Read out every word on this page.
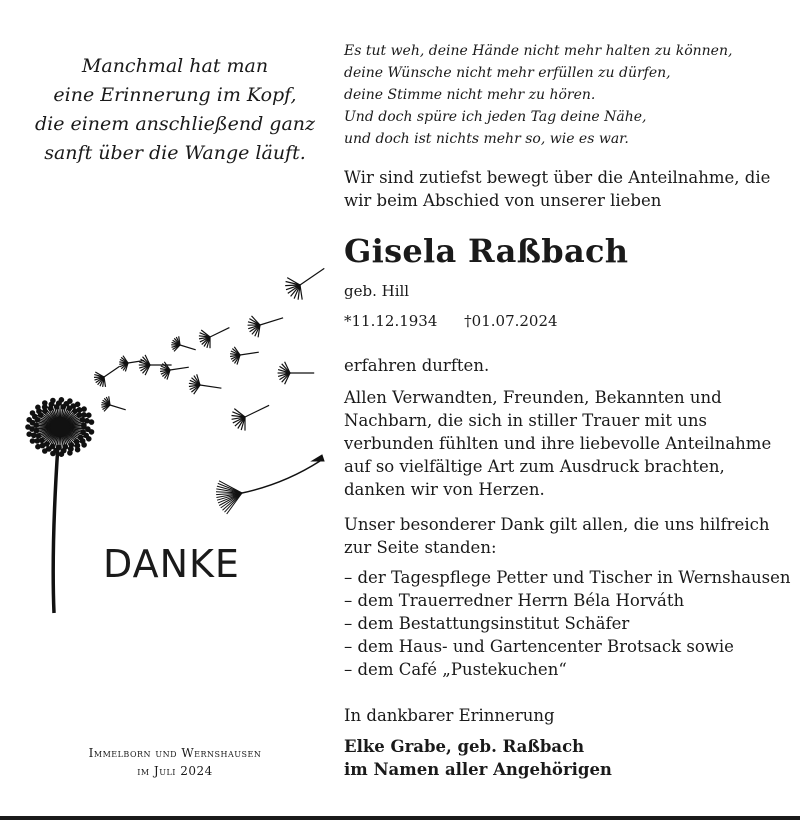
Manchmal hat man
eine Erinnerung im Kopf,
die einem anschließend ganz
sanft über die Wange läuft.
DANKE
Immelborn und Wernshausen
im Juli 2024
Es tut weh, deine Hände nicht mehr halten zu können,
deine Wünsche nicht mehr erfüllen zu dürfen,
deine Stimme nicht mehr zu hören.
Und doch spüre ich jeden Tag deine Nähe,
und doch ist nichts mehr so, wie es war.
Wir sind zutiefst bewegt über die Anteilnahme, die wir beim Abschied von unserer lieben
Gisela Raßbach
geb. Hill
*11.12.1934 †01.07.2024
erfahren durften.
Allen Verwandten, Freunden, Bekannten und Nachbarn, die sich in stiller Trauer mit uns verbunden fühlten und ihre liebevolle Anteilnahme auf so vielfältige Art zum Ausdruck brachten, danken wir von Herzen.
Unser besonderer Dank gilt allen, die uns hilfreich zur Seite standen:
– der Tagespflege Petter und Tischer in Wernshausen
– dem Trauerredner Herrn Béla Horváth
– dem Bestattungsinstitut Schäfer
– dem Haus- und Gartencenter Brotsack sowie
– dem Café „Pustekuchen“
In dankbarer Erinnerung
Elke Grabe, geb. Raßbach
im Namen aller Angehörigen
